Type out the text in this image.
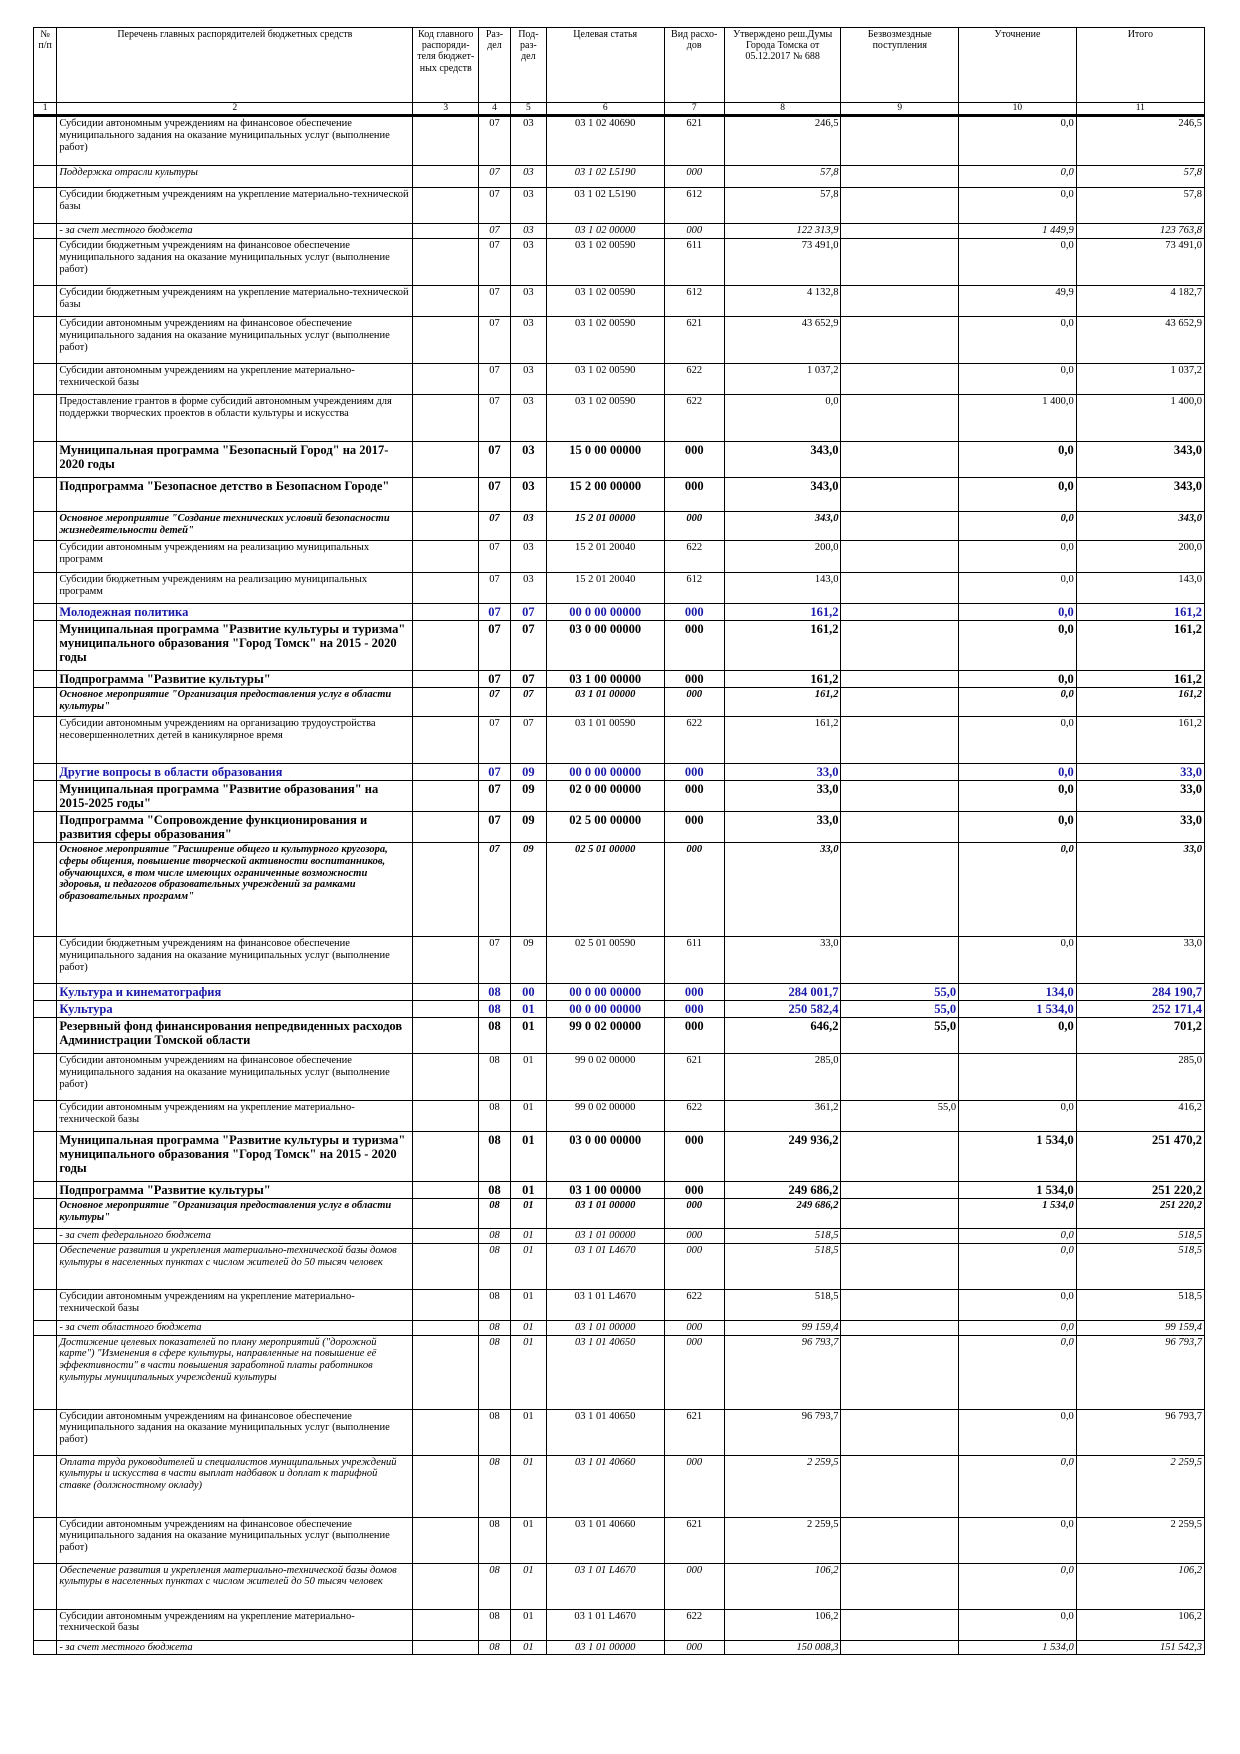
№ п/п	Перечень главных распорядителей бюджетных средств	Код главного распоряди-теля бюджет-ных средств	Раз-дел	Под-раз-дел	Целевая статья	Вид расхо-дов	Утверждено реш.Думы Города Томска от 05.12.2017 № 688	Безвозмездные поступления	Уточнение	Итого
1	2	3	4	5	6	7	8	9	10	11
	Субсидии автономным учреждениям на финансовое обеспечение муниципального задания на оказание муниципальных услуг (выполнение работ)		07	03	03 1 02 40690	621	246,5		0,0	246,5
	Поддержка отрасли культуры		07	03	03 1 02 L5190	000	57,8		0,0	57,8
	Субсидии бюджетным учреждениям на укрепление материально-технической базы		07	03	03 1 02 L5190	612	57,8		0,0	57,8
	- за счет местного бюджета		07	03	03 1 02 00000	000	122 313,9		1 449,9	123 763,8
	Субсидии бюджетным учреждениям на финансовое обеспечение муниципального задания на оказание муниципальных услуг (выполнение работ)		07	03	03 1 02 00590	611	73 491,0		0,0	73 491,0
	Субсидии бюджетным учреждениям на укрепление материально-технической базы		07	03	03 1 02 00590	612	4 132,8		49,9	4 182,7
	Субсидии автономным учреждениям на финансовое обеспечение муниципального задания на оказание муниципальных услуг (выполнение работ)		07	03	03 1 02 00590	621	43 652,9		0,0	43 652,9
	Субсидии автономным учреждениям на укрепление материально-технической базы		07	03	03 1 02 00590	622	1 037,2		0,0	1 037,2
	Предоставление грантов в форме субсидий автономным учреждениям для поддержки творческих проектов в области культуры и искусства		07	03	03 1 02 00590	622	0,0		1 400,0	1 400,0
	Муниципальная программа "Безопасный Город" на 2017-2020 годы		07	03	15 0 00 00000	000	343,0		0,0	343,0
	Подпрограмма "Безопасное детство в Безопасном Городе"		07	03	15 2 00 00000	000	343,0		0,0	343,0
	Основное мероприятие "Создание технических условий безопасности жизнедеятельности детей"		07	03	15 2 01 00000	000	343,0		0,0	343,0
	Субсидии автономным учреждениям на реализацию муниципальных программ		07	03	15 2 01 20040	622	200,0		0,0	200,0
	Субсидии бюджетным учреждениям на реализацию муниципальных программ		07	03	15 2 01 20040	612	143,0		0,0	143,0
	Молодежная политика		07	07	00 0 00 00000	000	161,2		0,0	161,2
	Муниципальная программа "Развитие культуры и туризма" муниципального образования "Город Томск" на 2015 - 2020 годы		07	07	03 0 00 00000	000	161,2		0,0	161,2
	Подпрограмма "Развитие культуры"		07	07	03 1 00 00000	000	161,2		0,0	161,2
	Основное мероприятие "Организация предоставления услуг в области культуры"		07	07	03 1 01 00000	000	161,2		0,0	161,2
	Субсидии автономным учреждениям на организацию трудоустройства несовершеннолетних детей в каникулярное время		07	07	03 1 01 00590	622	161,2		0,0	161,2
	Другие вопросы в области образования		07	09	00 0 00 00000	000	33,0		0,0	33,0
	Муниципальная программа "Развитие образования" на 2015-2025 годы"		07	09	02 0 00 00000	000	33,0		0,0	33,0
	Подпрограмма "Сопровождение функционирования и развития сферы образования"		07	09	02 5 00 00000	000	33,0		0,0	33,0
	Основное мероприятие "Расширение общего и культурного кругозора, сферы общения, повышение творческой активности воспитанников, обучающихся, в том числе имеющих ограниченные возможности здоровья, и педагогов образовательных учреждений за рамками образовательных программ"		07	09	02 5 01 00000	000	33,0		0,0	33,0
	Субсидии бюджетным учреждениям на финансовое обеспечение муниципального задания на оказание муниципальных услуг (выполнение работ)		07	09	02 5 01 00590	611	33,0		0,0	33,0
	Культура и кинематография		08	00	00 0 00 00000	000	284 001,7	55,0	134,0	284 190,7
	Культура		08	01	00 0 00 00000	000	250 582,4	55,0	1 534,0	252 171,4
	Резервный фонд финансирования непредвиденных расходов Администрации Томской области		08	01	99 0 02 00000	000	646,2	55,0	0,0	701,2
	Субсидии автономным учреждениям на финансовое обеспечение муниципального задания на оказание муниципальных услуг (выполнение работ)		08	01	99 0 02 00000	621	285,0			285,0
	Субсидии автономным учреждениям на укрепление материально-технической базы		08	01	99 0 02 00000	622	361,2	55,0	0,0	416,2
	Муниципальная программа "Развитие культуры и туризма" муниципального образования "Город Томск" на 2015 - 2020 годы		08	01	03 0 00 00000	000	249 936,2		1 534,0	251 470,2
	Подпрограмма "Развитие культуры"		08	01	03 1 00 00000	000	249 686,2		1 534,0	251 220,2
	Основное мероприятие "Организация предоставления услуг в области культуры"		08	01	03 1 01 00000	000	249 686,2		1 534,0	251 220,2
	- за счет федерального бюджета		08	01	03 1 01 00000	000	518,5		0,0	518,5
	Обеспечение развития и укрепления материально-технической базы домов культуры в населенных пунктах с числом жителей до 50 тысяч человек		08	01	03 1 01 L4670	000	518,5		0,0	518,5
	Субсидии автономным учреждениям на укрепление материально-технической базы		08	01	03 1 01 L4670	622	518,5		0,0	518,5
	- за счет областного бюджета		08	01	03 1 01 00000	000	99 159,4		0,0	99 159,4
	Достижение целевых показателей по плану мероприятий ("дорожной карте") "Изменения в сфере культуры, направленные на повышение её эффективности" в части повышения заработной платы работников культуры муниципальных учреждений культуры		08	01	03 1 01 40650	000	96 793,7		0,0	96 793,7
	Субсидии автономным учреждениям на финансовое обеспечение муниципального задания на оказание муниципальных услуг (выполнение работ)		08	01	03 1 01 40650	621	96 793,7		0,0	96 793,7
	Оплата труда руководителей и специалистов муниципальных учреждений культуры и искусства в части выплат надбавок и доплат к тарифной ставке (должностному окладу)		08	01	03 1 01 40660	000	2 259,5		0,0	2 259,5
	Субсидии автономным учреждениям на финансовое обеспечение муниципального задания на оказание муниципальных услуг (выполнение работ)		08	01	03 1 01 40660	621	2 259,5		0,0	2 259,5
	Обеспечение развития и укрепления материально-технической базы домов культуры в населенных пунктах с числом жителей до 50 тысяч человек		08	01	03 1 01 L4670	000	106,2		0,0	106,2
	Субсидии автономным учреждениям на укрепление материально-технической базы		08	01	03 1 01 L4670	622	106,2		0,0	106,2
	- за счет местного бюджета		08	01	03 1 01 00000	000	150 008,3		1 534,0	151 542,3
